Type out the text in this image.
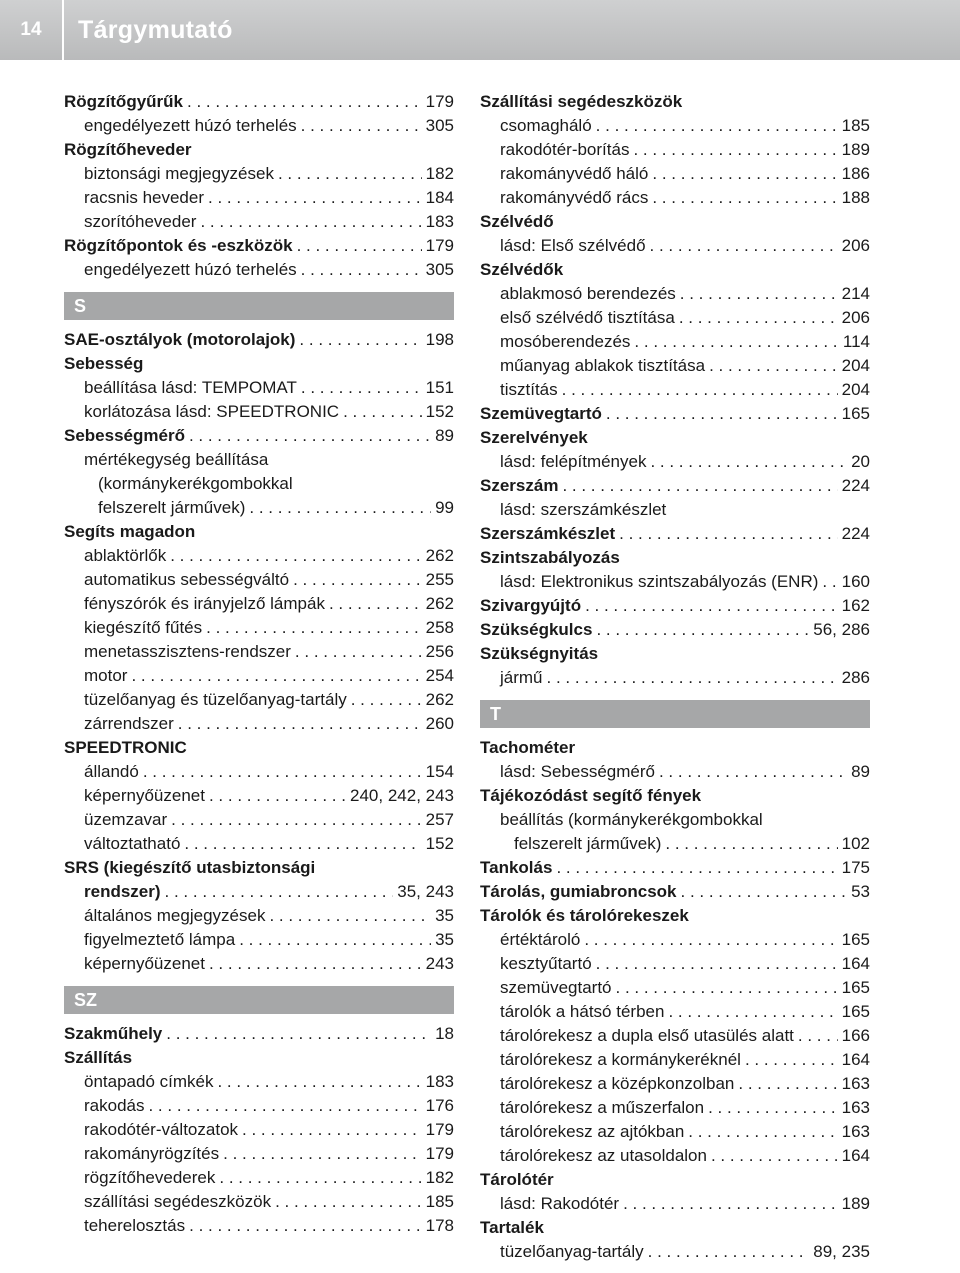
14	Tárgymutató
Rögzítőgyűrűk . . .	179
engedélyezett húzó terhelés . . .	305
Rögzítőheveder
biztonsági megjegyzések . . .	182
racsnis heveder . . .	184
szorítóheveder . . .	183
Rögzítőpontok és -eszközök . . .	179
engedélyezett húzó terhelés . . .	305
S
SAE-osztályok (motorolajok) . . .	198
Sebesség
beállítása lásd: TEMPOMAT . . .	151
korlátozása lásd: SPEEDTRONIC . . .	152
Sebességmérő . . .	89
mértékegység beállítása
(kormánykerékgombokkal
felszerelt járművek) . . .	99
Segíts magadon
ablaktörlők . . .	262
automatikus sebességváltó . . .	255
fényszórók és irányjelző lámpák . . .	262
kiegészítő fűtés . . .	258
menetasszisztens-rendszer . . .	256
motor . . .	254
tüzelőanyag és tüzelőanyag-tartály . . .	262
zárrendszer . . .	260
SPEEDTRONIC
állandó . . .	154
képernyőüzenet . . .	240, 242, 243
üzemzavar . . .	257
változtatható . . .	152
SRS (kiegészítő utasbiztonsági
rendszer) . . .	35, 243
általános megjegyzések . . .	35
figyelmeztető lámpa . . .	35
képernyőüzenet . . .	243
SZ
Szakműhely . . .	18
Szállítás
öntapadó címkék . . .	183
rakodás . . .	176
rakodótér-változatok . . .	179
rakományrögzítés . . .	179
rögzítőhevederek . . .	182
szállítási segédeszközök . . .	185
teherelosztás . . .	178
Szállítási segédeszközök
csomagháló . . .	185
rakodótér-borítás . . .	189
rakományvédő háló . . .	186
rakományvédő rács . . .	188
Szélvédő
lásd: Első szélvédő . . .	206
Szélvédők
ablakmosó berendezés . . .	214
első szélvédő tisztítása . . .	206
mosóberendezés . . .	114
műanyag ablakok tisztítása . . .	204
tisztítás . . .	204
Szemüvegtartó . . .	165
Szerelvények
lásd: felépítmények . . .	20
Szerszám . . .	224
lásd: szerszámkészlet
Szerszámkészlet . . .	224
Szintszabályozás
lásd: Elektronikus szintszabályozás (ENR) . . . 160
Szivargyújtó . . .	162
Szükségkulcs . . .	56, 286
Szükségnyitás
jármű . . .	286
T
Tachométer
lásd: Sebességmérő . . .	89
Tájékozódást segítő fények
beállítás (kormánykerékgombokkal
felszerelt járművek) . . .	102
Tankolás . . .	175
Tárolás, gumiabroncsok . . .	53
Tárolók és tárolórekeszek
értéktároló . . .	165
kesztyűtartó . . .	164
szemüvegtartó . . .	165
tárolók a hátsó térben . . .	165
tárolórekesz a dupla első utasülés alatt . . .	166
tárolórekesz a kormánykeréknél . . .	164
tárolórekesz a középkonzolban . . .	163
tárolórekesz a műszerfalon . . .	163
tárolórekesz az ajtókban . . .	163
tárolórekesz az utasoldalon . . .	164
Tárolótér
lásd: Rakodótér . . .	189
Tartalék
tüzelőanyag-tartály . . .	89, 235
